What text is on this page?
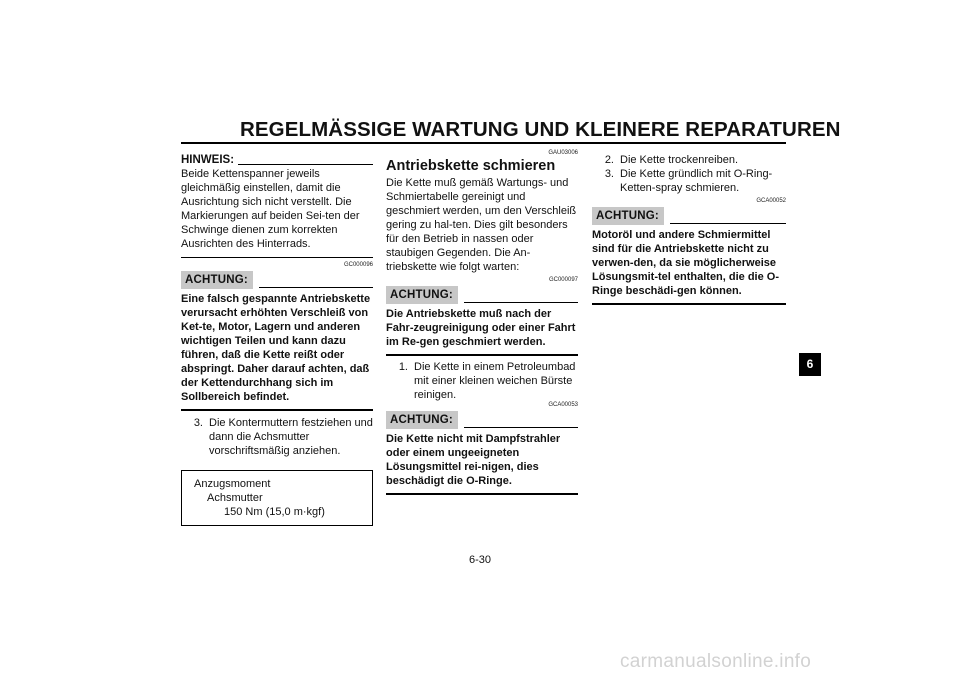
REGELMÄSSIGE WARTUNG UND KLEINERE REPARATUREN
HINWEIS:

Beide Kettenspanner jeweils gleichmäßig einstellen, damit die Ausrichtung sich nicht verstellt. Die Markierungen auf beiden Sei-ten der Schwinge dienen zum korrekten Ausrichten des Hinterrads.

GC000096

ACHTUNG:

Eine falsch gespannte Antriebskette verursacht erhöhten Verschleiß von Ket-te, Motor, Lagern und anderen wichtigen Teilen und kann dazu führen, daß die Kette reißt oder abspringt. Daher darauf achten, daß der Kettendurchhang sich im Sollbereich befindet.

3. Die Kontermuttern festziehen und dann die Achsmutter vorschriftsmäßig anziehen.
Anzugsmoment
Achsmutter
150 Nm (15,0 m·kgf)

GAU03006

Antriebskette schmieren

Die Kette muß gemäß Wartungs- und Schmiertabelle gereinigt und geschmiert werden, um den Verschleiß gering zu hal-ten. Dies gilt besonders für den Betrieb in nassen oder staubigen Gegenden. Die An-triebskette wie folgt warten:

GC000097

ACHTUNG:

Die Antriebskette muß nach der Fahr-zeugreinigung oder einer Fahrt im Re-gen geschmiert werden.

1. Die Kette in einem Petroleumbad mit einer kleinen weichen Bürste reinigen.

GCA00053

ACHTUNG:

Die Kette nicht mit Dampfstrahler oder einem ungeeigneten Lösungsmittel rei-nigen, dies beschädigt die O-Ringe.

2. Die Kette trockenreiben.
3. Die Kette gründlich mit O-Ring-Ketten-spray schmieren.

GCA00052

ACHTUNG:

Motoröl und andere Schmiermittel sind für die Antriebskette nicht zu verwen-den, da sie möglicherweise Lösungsmit-tel enthalten, die die O-Ringe beschädi-gen können.

6
6-30
carmanualsonline.info
